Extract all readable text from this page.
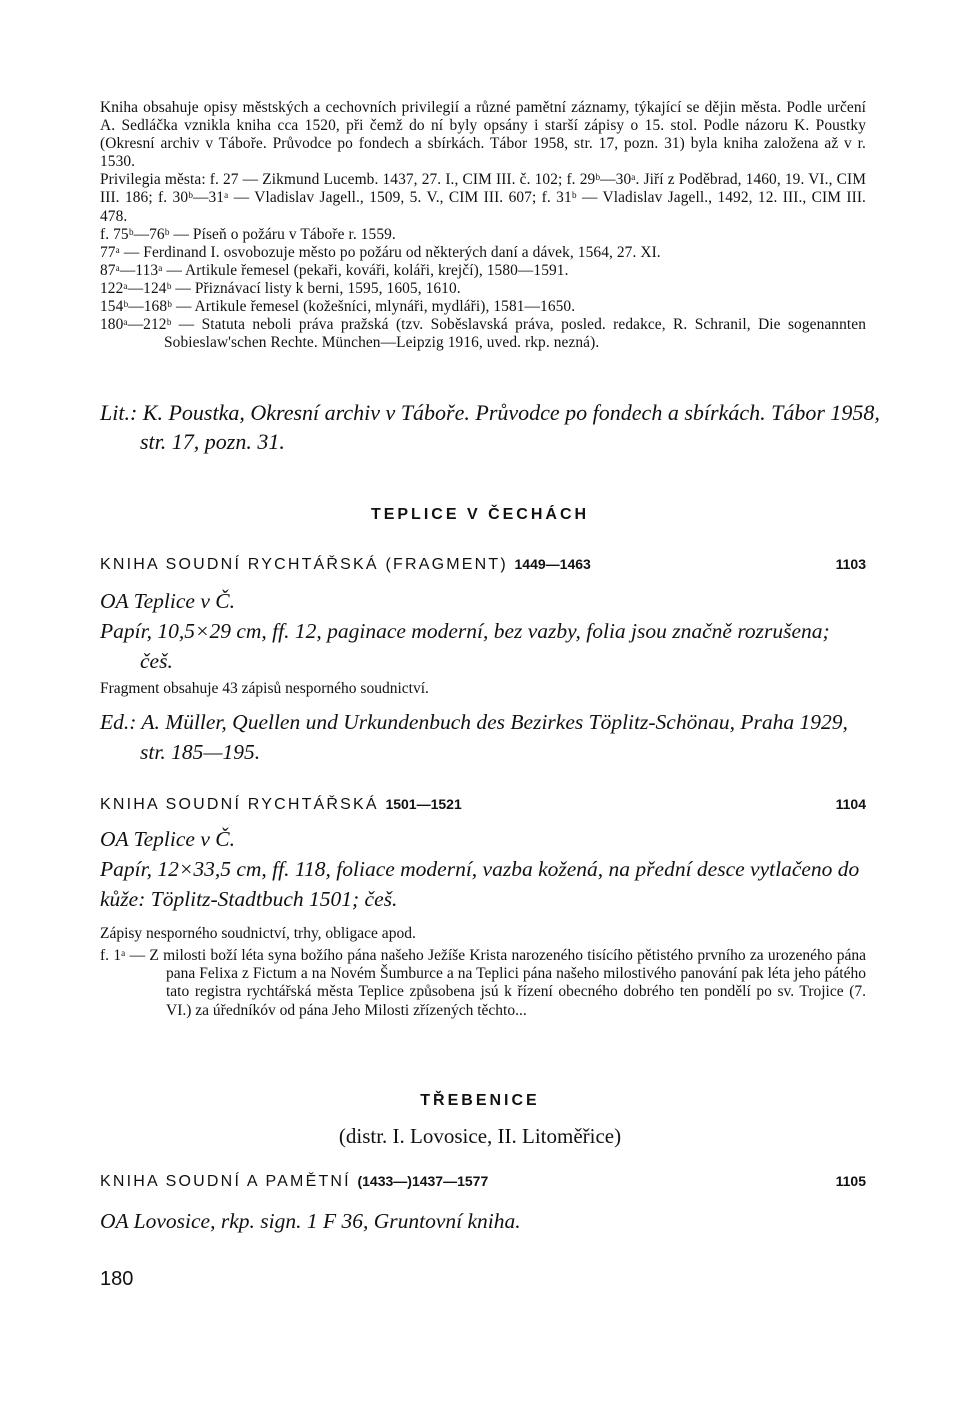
Kniha obsahuje opisy městských a cechovních privilegií a různé pamětní záznamy, týkající se dějin města. Podle určení A. Sedláčka vznikla kniha cca 1520, při čemž do ní byly opsány i starší zápisy o 15. stol. Podle názoru K. Poustky (Okresní archiv v Táboře. Průvodce po fondech a sbírkách. Tábor 1958, str. 17, pozn. 31) byla kniha založena až v r. 1530.

Privilegia města: f. 27 — Zikmund Lucemb. 1437, 27. I., CIM III. č. 102; f. 29ᵇ—30ᵃ. Jiří z Poděbrad, 1460, 19. VI., CIM III. 186; f. 30ᵇ—31ᵃ — Vladislav Jagell., 1509, 5. V., CIM III. 607; f. 31ᵇ — Vladislav Jagell., 1492, 12. III., CIM III. 478.

f. 75ᵇ—76ᵇ — Píseň o požáru v Táboře r. 1559.

77ᵃ — Ferdinand I. osvobozuje město po požáru od některých daní a dávek, 1564, 27. XI.

87ᵃ—113ᵃ — Artikule řemesel (pekaři, kováři, koláři, krejčí), 1580—1591.

122ᵃ—124ᵇ — Přiznávací listy k berni, 1595, 1605, 1610.

154ᵇ—168ᵇ — Artikule řemesel (kožešníci, mlynáři, mydláři), 1581—1650.

180ᵃ—212ᵇ — Statuta neboli práva pražská (tzv. Soběslavská práva, posled. redakce, R. Schranil, Die sogenannten Sobieslaw'schen Rechte. München—Leipzig 1916, uved. rkp. nezná).

Lit.: K. Poustka, Okresní archiv v Táboře. Průvodce po fondech a sbírkách. Tábor 1958, str. 17, pozn. 31.
TEPLICE V ČECHÁCH
KNIHA SOUDNÍ RYCHTÁŘSKÁ (FRAGMENT) 1449—1463	1103

OA Teplice v Č.

Papír, 10,5×29 cm, ff. 12, paginace moderní, bez vazby, folia jsou značně rozrušena; češ.

Fragment obsahuje 43 zápisů nesporného soudnictví.

Ed.: A. Müller, Quellen und Urkundenbuch des Bezirkes Töplitz-Schönau, Praha 1929, str. 185—195.

KNIHA SOUDNÍ RYCHTÁŘSKÁ 1501—1521	1104

OA Teplice v Č.

Papír, 12×33,5 cm, ff. 118, foliace moderní, vazba kožená, na přední desce vytlačeno do kůže: Töplitz-Stadtbuch 1501; češ.

Zápisy nesporného soudnictví, trhy, obligace apod.
f. 1ᵃ — Z milosti boží léta syna božího pána našeho Ježíše Krista narozeného tisícího pětistého prvního za urozeného pána pana Felixa z Fictum a na Novém Šumburce a na Teplici pána našeho milostivého panování pak léta jeho pátého tato registra rychtářská města Teplice způsobena jsú k řízení obecného dobrého ten pondělí po sv. Trojice (7. VI.) za úředníkóv od pána Jeho Milosti zřízených těchto...
TŘEBENICE
(distr. I. Lovosice, II. Litoměřice)
KNIHA SOUDNÍ A PAMĚTNÍ (1433—)1437—1577	1105

OA Lovosice, rkp. sign. 1 F 36, Gruntovní kniha.

180
